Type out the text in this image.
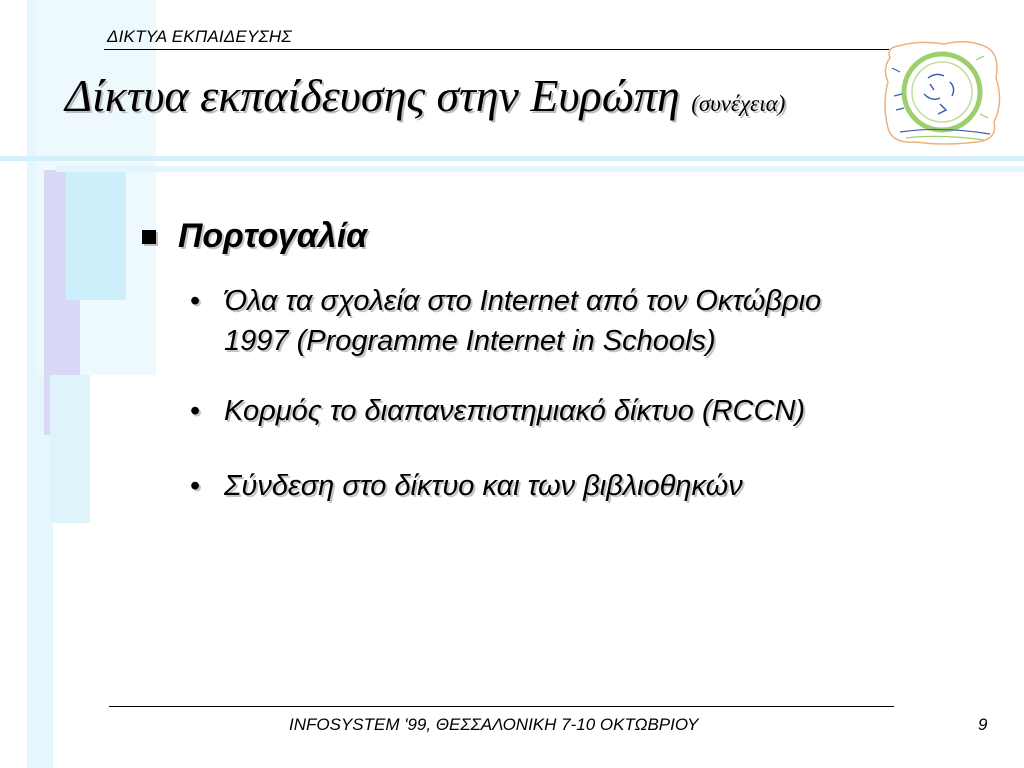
ΔΙΚΤΥΑ ΕΚΠΑΙΔΕΥΣΗΣ
Δίκτυα εκπαίδευσης στην Ευρώπη (συνέχεια)
Πορτογαλία
• Όλα τα σχολεία στο Internet από τον Οκτώβριο
1997 (Programme Internet in Schools)
• Κορμός το διαπανεπιστημιακό δίκτυο (RCCN)
• Σύνδεση στο δίκτυο και των βιβλιοθηκών
INFOSYSTEM '99, ΘΕΣΣΑΛΟΝΙΚΗ 7-10 ΟΚΤΩΒΡΙΟΥ	9
